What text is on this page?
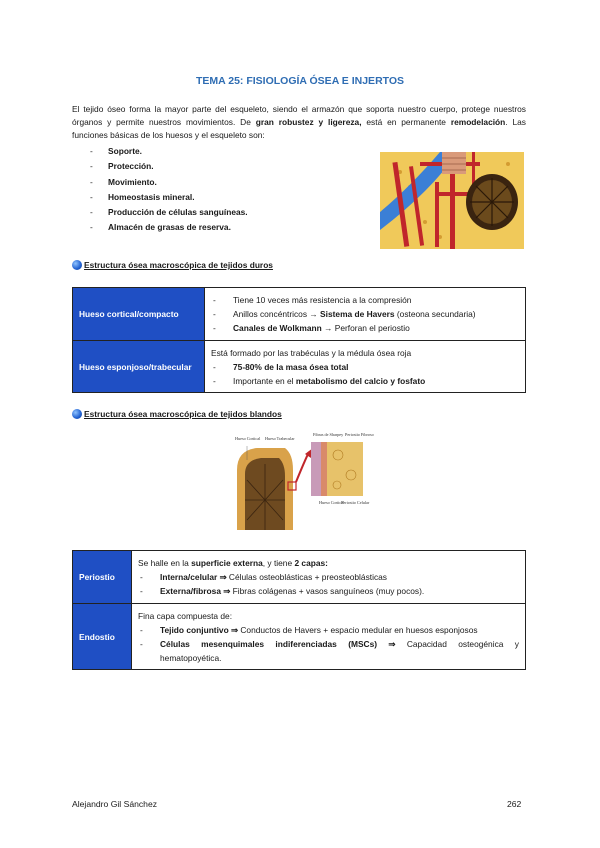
TEMA 25: FISIOLOGÍA ÓSEA E INJERTOS
El tejido óseo forma la mayor parte del esqueleto, siendo el armazón que soporta nuestro cuerpo, protege nuestros órganos y permite nuestros movimientos. De gran robustez y ligereza, está en permanente remodelación. Las funciones básicas de los huesos y el esqueleto son:
- Soporte.
- Protección.
- Movimiento.
- Homeostasis mineral.
- Producción de células sanguíneas.
- Almacén de grasas de reserva.
Estructura ósea macroscópica de tejidos duros
Hueso cortical/compacto	- Tiene 10 veces más resistencia a la compresión
- Anillos concéntricos → Sistema de Havers (osteona secundaria)
- Canales de Wolkmann → Perforan el periostio

Hueso esponjoso/trabecular	Está formado por las trabéculas y la médula ósea roja
- 75-80% de la masa ósea total
- Importante en el metabolismo del calcio y fosfato
Estructura ósea macroscópica de tejidos blandos
Hueso Cortical Hueso Trabecular
Fibras de Sharpey Periostio Fibroso
Hueso Cortical
Periostio Celular
Periostio	Se halle en la superficie externa, y tiene 2 capas:
- Interna/celular ⇒ Células osteoblásticas + preosteoblásticas
- Externa/fibrosa ⇒ Fibras colágenas + vasos sanguíneos (muy pocos).

Endostio	Fina capa compuesta de:
- Tejido conjuntivo ⇒ Conductos de Havers + espacio medular en huesos esponjosos
- Células mesenquimales indiferenciadas (MSCs) ⇒ Capacidad osteogénica y hematopoyética.
Alejandro Gil Sánchez	262
